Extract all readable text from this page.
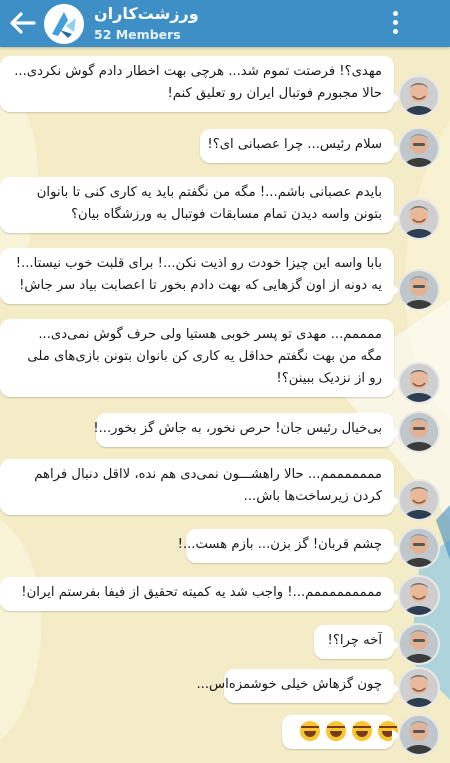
ورزشت‌کاران
52 Members
مهدی؟! فرصتت تموم شد... هرچی بهت اخطار دادم گوش نکردی...
حالا مجبورم فوتبال ایران رو تعلیق کنم!
سلام رئیس... چرا عصبانی ای؟!
بایدم عصبانی باشم...! مگه من نگفتم باید یه کاری کنی تا بانوان
بتونن واسه دیدن تمام مسابقات فوتبال به ورزشگاه بیان؟
بابا واسه این چیزا خودت رو اذیت نکن...! برای قلبت خوب نیستا...!
یه دونه از اون گزهایی که بهت دادم بخور تا اعصابت بیاد سر جاش!
ممممم... مهدی تو پسر خوبی هستیا ولی حرف گوش نمی‌دی...
مگه من بهت نگفتم حداقل یه کاری کن بانوان بتونن بازی‌های ملی
رو از نزدیک ببینن؟!
بی‌خیال رئیس جان! حرص نخور، به جاش گز بخور...!
مممممممم... حالا راهشـــون نمی‌دی هم نده، لااقل دنبال فراهم
کردن زیرساخت‌ها باش...
چشم قربان! گز بزن... بازم هست...!
مممممممممم...! واجب شد یه کمیته تحقیق از فیفا بفرستم ایران!
آخه چرا؟!
چون گزهاش خیلی خوشمزه‌اس...
